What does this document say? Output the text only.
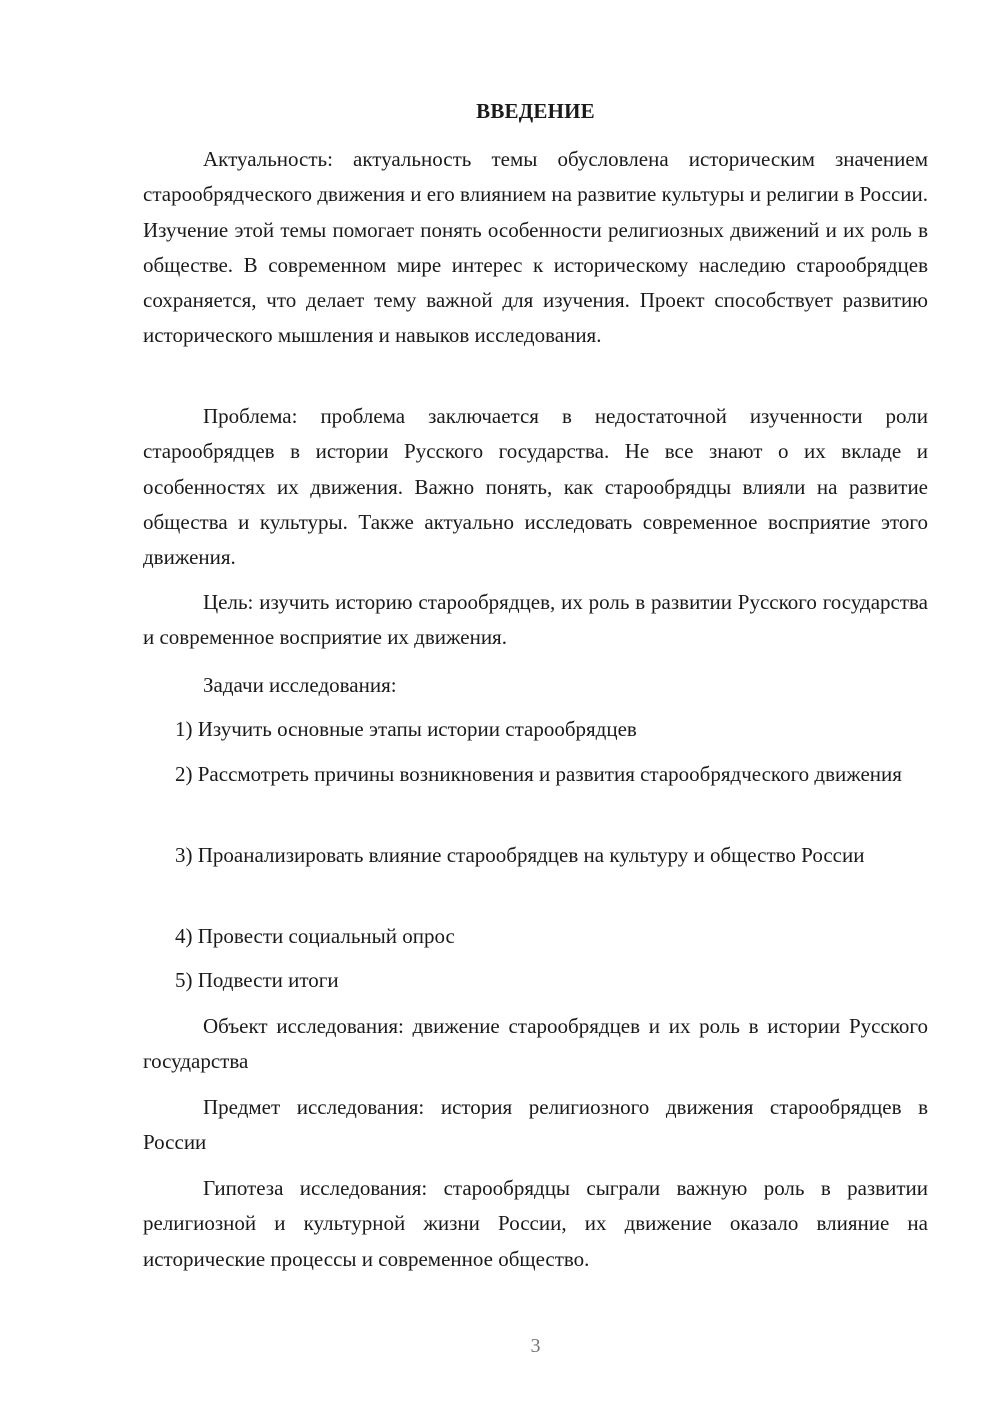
ВВЕДЕНИЕ

Актуальность: актуальность темы обусловлена историческим значением старообрядческого движения и его влиянием на развитие культуры и религии в России. Изучение этой темы помогает понять особенности религиозных движений и их роль в обществе. В современном мире интерес к историческому наследию старообрядцев сохраняется, что делает тему важной для изучения. Проект способствует развитию исторического мышления и навыков исследования.

Проблема: проблема заключается в недостаточной изученности роли старообрядцев в истории Русского государства. Не все знают о их вкладе и особенностях их движения. Важно понять, как старообрядцы влияли на развитие общества и культуры. Также актуально исследовать современное восприятие этого движения.

Цель: изучить историю старообрядцев, их роль в развитии Русского государства и современное восприятие их движения.

Задачи исследования:

1) Изучить основные этапы истории старообрядцев

2) Рассмотреть причины возникновения и развития старообрядческого движения

3) Проанализировать влияние старообрядцев на культуру и общество России

4) Провести социальный опрос

5) Подвести итоги

Объект исследования: движение старообрядцев и их роль в истории Русского государства

Предмет исследования: история религиозного движения старообрядцев в России

Гипотеза исследования: старообрядцы сыграли важную роль в развитии религиозной и культурной жизни России, их движение оказало влияние на исторические процессы и современное общество.

3
